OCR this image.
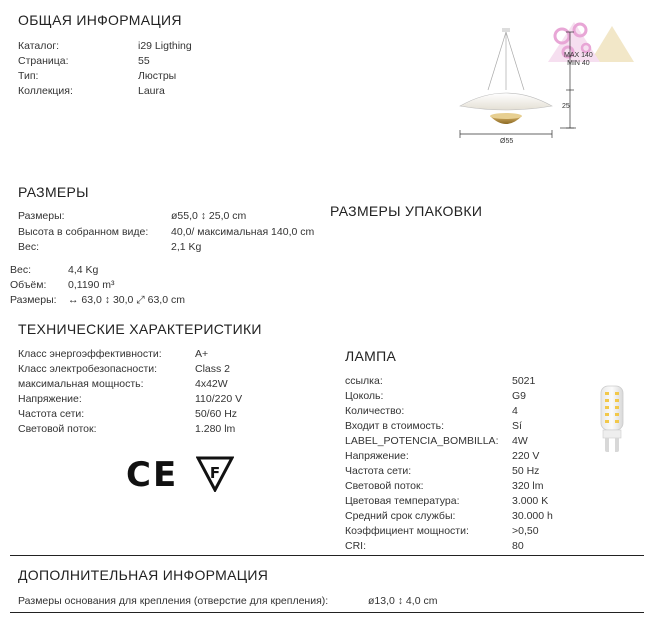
ОБЩАЯ ИНФОРМАЦИЯ
Каталог:	i29 Ligthing
Страница:	55
Тип:	Люстры
Коллекция:	Laura
MAX 140
MIN 40
25
Ø55
РАЗМЕРЫ
Размеры:	ø55,0 ↕ 25,0 cm
Высота в собранном виде: 40,0/ максимальная 140,0 cm
Вес:	2,1 Kg
РАЗМЕРЫ УПАКОВКИ
Вес:	4,4 Kg
Объём: 0,1190 m³
Размеры: ↔ 63,0 ↕ 30,0 ⤢ 63,0 cm
ТЕХНИЧЕСКИЕ ХАРАКТЕРИСТИКИ
Класс энергоэффективности:	A+
Класс электробезопасности:	Class 2
максимальная мощность:	4x42W
Напряжение:	110/220 V
Частота сети:	50/60 Hz
Световой поток:	1.280 lm
CE F
ЛАМПА
ссылка:	5021
Цоколь:	G9
Количество:	4
Входит в стоимость:	Sí
LABEL_POTENCIA_BOMBILLA: 4W
Напряжение:	220 V
Частота сети:	50 Hz
Световой поток:	320 lm
Цветовая температура:	3.000 K
Средний срок службы:	30.000 h
Коэффициент мощности:	>0,50
CRI:	80
ДОПОЛНИТЕЛЬНАЯ ИНФОРМАЦИЯ
Размеры основания для крепления (отверстие для крепления):	ø13,0 ↕ 4,0 cm
